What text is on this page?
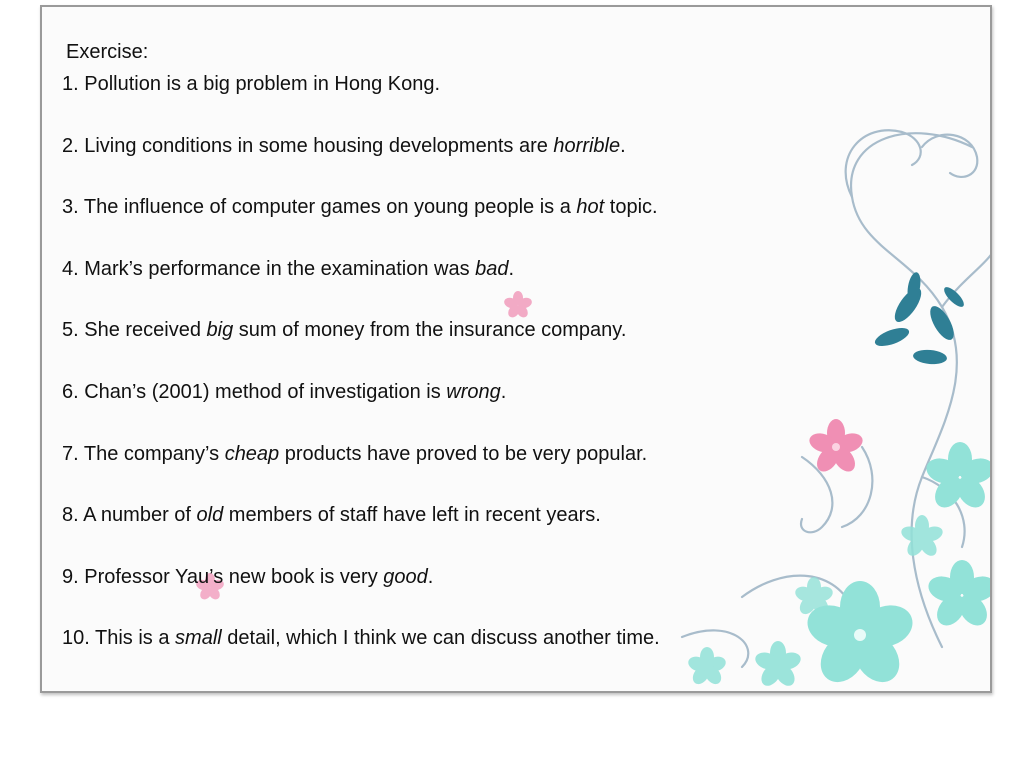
Exercise:
1. Pollution is a big problem in Hong Kong.
2. Living conditions in some housing developments are horrible.
3. The influence of computer games on young people is a hot topic.
4. Mark’s performance in the examination was bad.
5. She received big sum of money from the insurance company.
6. Chan’s (2001) method of investigation is wrong.
7. The company’s cheap products have proved to be very popular.
8. A number of old members of staff have left in recent years.
9. Professor Yau’s new book is very good.
10. This is a small detail, which I think we can discuss another time.
